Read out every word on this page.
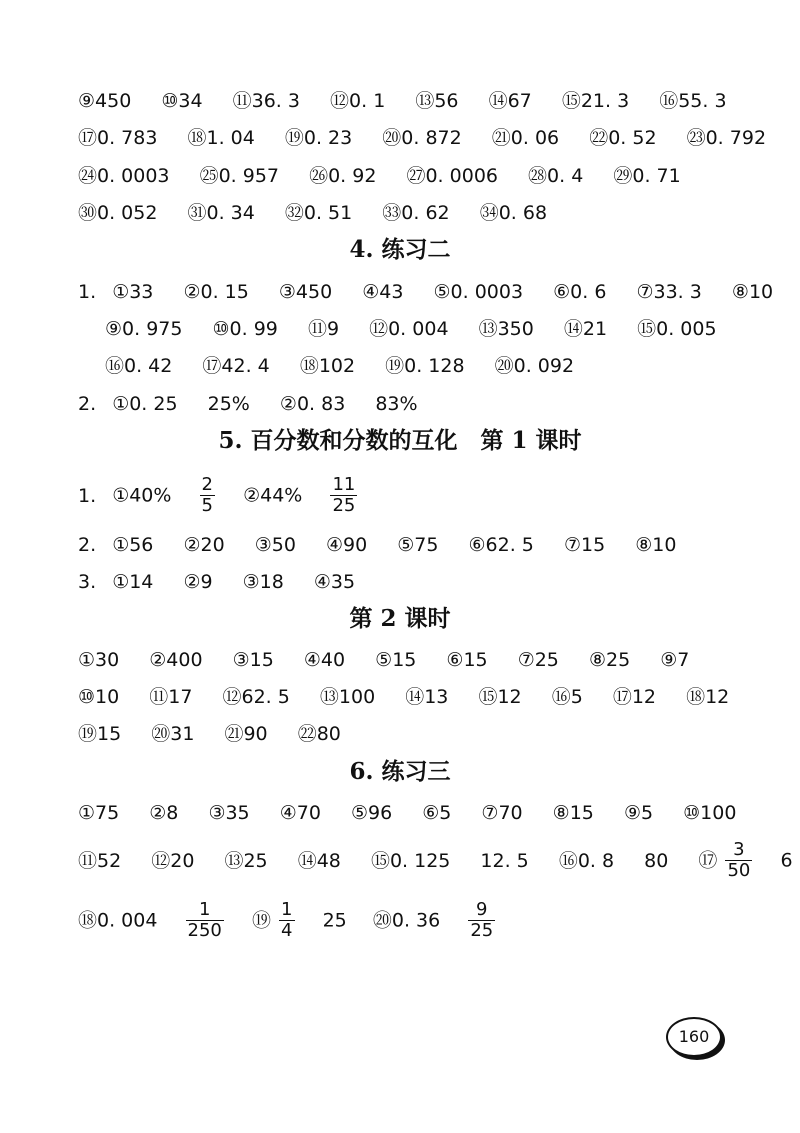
⑨450 ⑩34 ⑪36. 3 ⑫0. 1 ⑬56 ⑭67 ⑮21. 3 ⑯55. 3
⑰0. 783 ⑱1. 04 ⑲0. 23 ⑳0. 872 ㉑0. 06 ㉒0. 52 ㉓0. 792
㉔0. 0003 ㉕0. 957 ㉖0. 92 ㉗0. 0006 ㉘0. 4 ㉙0. 71
㉚0. 052 ㉛0. 34 ㉜0. 51 ㉝0. 62 ㉞0. 68
4. 练习二
1. ①33 ②0. 15 ③450 ④43 ⑤0. 0003 ⑥0. 6 ⑦33. 3 ⑧10
⑨0. 975 ⑩0. 99 ⑪9 ⑫0. 004 ⑬350 ⑭21 ⑮0. 005
⑯0. 42 ⑰42. 4 ⑱102 ⑲0. 128 ⑳0. 092
2. ①0. 25 25% ②0. 83 83%
5. 百分数和分数的互化　第 1 课时
1. ①40% $\frac{2}{5}$ ②44% $\frac{11}{25}$
2. ①56 ②20 ③50 ④90 ⑤75 ⑥62. 5 ⑦15 ⑧10
3. ①14 ②9 ③18 ④35
第 2 课时
①30 ②400 ③15 ④40 ⑤15 ⑥15 ⑦25 ⑧25 ⑨7
⑩10 ⑪17 ⑫62. 5 ⑬100 ⑭13 ⑮12 ⑯5 ⑰12 ⑱12
⑲15 ⑳31 ㉑90 ㉒80
6. 练习三
①75 ②8 ③35 ④70 ⑤96 ⑥5 ⑦70 ⑧15 ⑨5 ⑩100
⑪52 ⑫20 ⑬25 ⑭48 ⑮0. 125 12. 5 ⑯0. 8 80 ⑰ $\frac{3}{50} 6$
⑱0. $004 \frac{1}{250}$ ⑲ $\frac{1}{4} 25$ ⑳0. $36 \frac{9}{25}$
160
